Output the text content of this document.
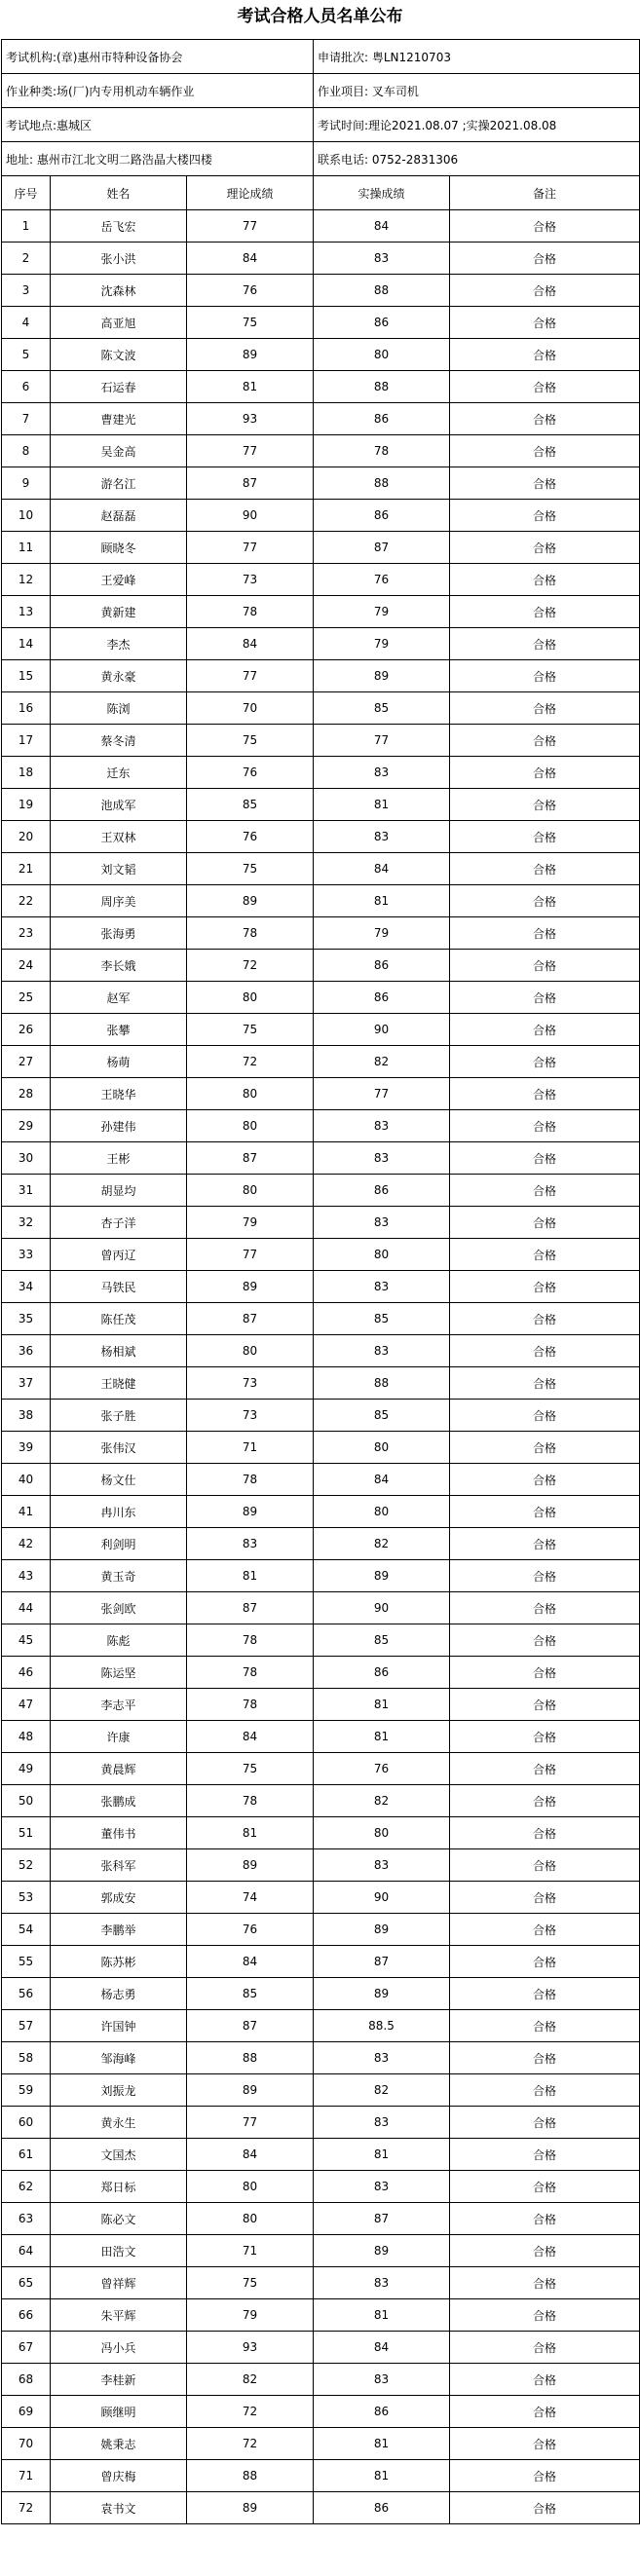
考试合格人员名单公布
考试机构:(章)惠州市特种设备协会			申请批次: 粤LN1210703	
作业种类:场(厂)内专用机动车辆作业			作业项目: 叉车司机	
考试地点:惠城区			考试时间:理论2021.08.07 ;实操2021.08.08	
地址: 惠州市江北文明二路浩晶大楼四楼			联系电话: 0752-2831306	
序号	姓名	理论成绩	实操成绩	备注
1	岳飞宏	77	84	合格
2	张小洪	84	83	合格
3	沈森林	76	88	合格
4	高亚旭	75	86	合格
5	陈文波	89	80	合格
6	石运春	81	88	合格
7	曹建光	93	86	合格
8	吴金高	77	78	合格
9	游名江	87	88	合格
10	赵磊磊	90	86	合格
11	顾晓冬	77	87	合格
12	王爱峰	73	76	合格
13	黄新建	78	79	合格
14	李杰	84	79	合格
15	黄永豪	77	89	合格
16	陈浏	70	85	合格
17	蔡冬清	75	77	合格
18	迁东	76	83	合格
19	池成军	85	81	合格
20	王双林	76	83	合格
21	刘文韬	75	84	合格
22	周序美	89	81	合格
23	张海勇	78	79	合格
24	李长娥	72	86	合格
25	赵军	80	86	合格
26	张攀	75	90	合格
27	杨萌	72	82	合格
28	王晓华	80	77	合格
29	孙建伟	80	83	合格
30	王彬	87	83	合格
31	胡显均	80	86	合格
32	杏子洋	79	83	合格
33	曾丙辽	77	80	合格
34	马铁民	89	83	合格
35	陈任茂	87	85	合格
36	杨相斌	80	83	合格
37	王晓健	73	88	合格
38	张子胜	73	85	合格
39	张伟汉	71	80	合格
40	杨文仕	78	84	合格
41	冉川东	89	80	合格
42	利剑明	83	82	合格
43	黄玉奇	81	89	合格
44	张剑欧	87	90	合格
45	陈彪	78	85	合格
46	陈运坚	78	86	合格
47	李志平	78	81	合格
48	许康	84	81	合格
49	黄晨辉	75	76	合格
50	张鹏成	78	82	合格
51	董伟书	81	80	合格
52	张科军	89	83	合格
53	郭成安	74	90	合格
54	李鹏举	76	89	合格
55	陈苏彬	84	87	合格
56	杨志勇	85	89	合格
57	许国钟	87	88.5	合格
58	邹海峰	88	83	合格
59	刘振龙	89	82	合格
60	黄永生	77	83	合格
61	文国杰	84	81	合格
62	郑日标	80	83	合格
63	陈必文	80	87	合格
64	田浩文	71	89	合格
65	曾祥辉	75	83	合格
66	朱平辉	79	81	合格
67	冯小兵	93	84	合格
68	李桂新	82	83	合格
69	顾继明	72	86	合格
70	姚秉志	72	81	合格
71	曾庆梅	88	81	合格
72	袁书文	89	86	合格
